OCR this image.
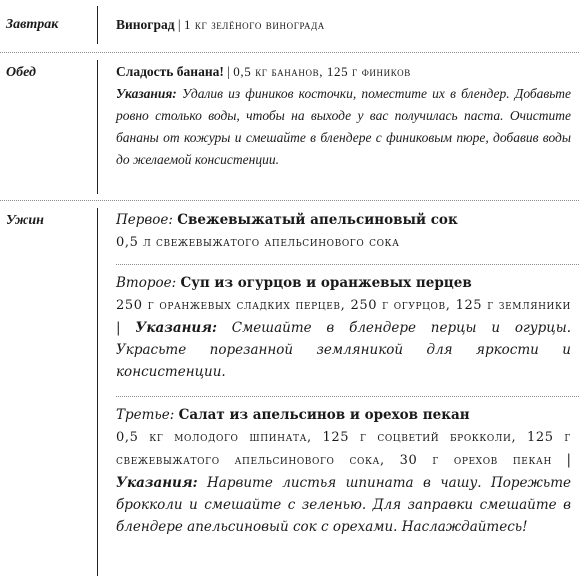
Завтрак	Виноград | 1 кг зелёного винограда
Обед	Сладость банана! | 0,5 кг бананов, 125 г фиников
Указания: Удалив из фиников косточки, поместите их в блендер. Добавьте ровно столько воды, чтобы на выходе у вас получилась паста. Очистите бананы от кожуры и смешайте в блендере с финиковым пюре, добавив воды до желаемой консистенции.
Ужин	Первое: Свежевыжатый апельсиновый сок
0,5 л свежевыжатого апельсинового сока
Второе: Суп из огурцов и оранжевых перцев
250 г оранжевых сладких перцев, 250 г огурцов, 125 г земляники | Указания: Смешайте в блендере перцы и огурцы. Украсьте порезанной земляникой для яркости и консистенции.
Третье: Салат из апельсинов и орехов пекан
0,5 кг молодого шпината, 125 г соцветий брокколи, 125 г свежевыжатого апельсинового сока, 30 г орехов пекан | Указания: Нарвите листья шпината в чашу. Порежьте брокколи и смешайте с зеленью. Для заправки смешайте в блендере апельсиновый сок с орехами. Наслаждайтесь!
